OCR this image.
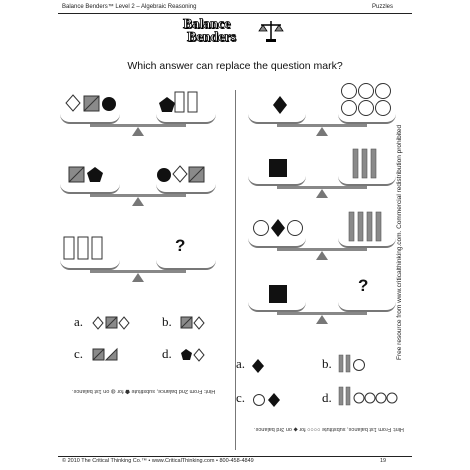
Balance Benders™ Level 2 – Algebraic Reasoning	Puzzles
Balance
Benders
Which answer can replace the question mark?
?
a.	b.
c.	d.
Hint: From 2nd balance, substitute ⬟ for ◍ on 1st balance.
?
a.	b.
c.	d.
Hint: From 1st balance, substitute ○○○○ for ◆ on 3rd balance.
Free resource from www.criticalthinking.com. Commercial redistribution prohibited
© 2010 The Critical Thinking Co.™ • www.CriticalThinking.com • 800-458-4849	19
